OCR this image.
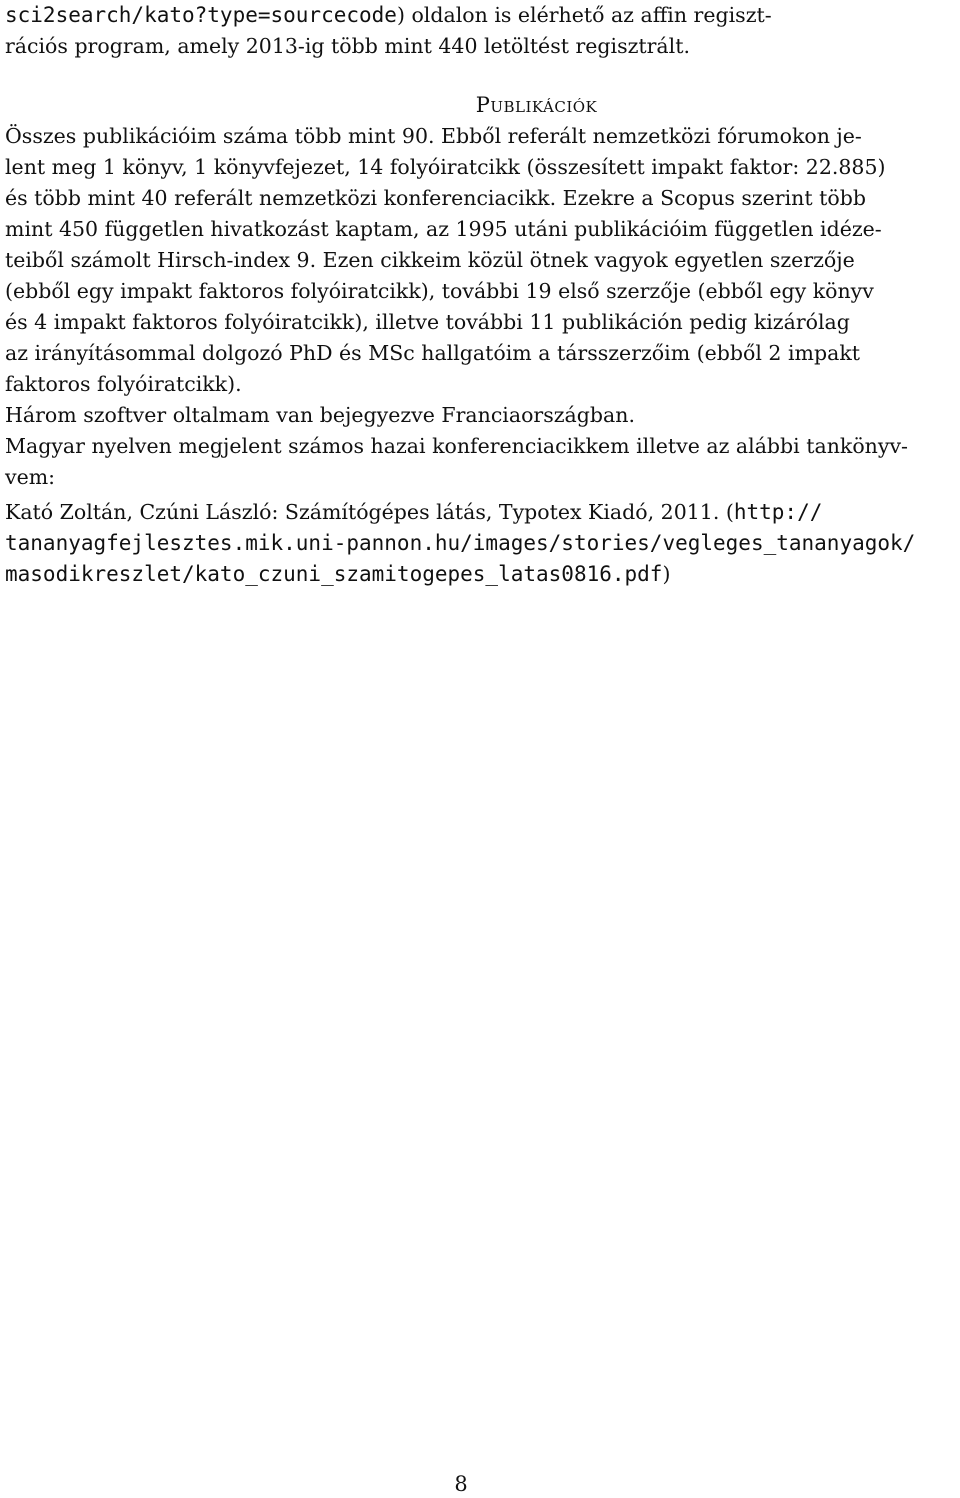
sci2search/kato?type=sourcecode) oldalon is elérhető az affin regiszt-
rációs program, amely 2013-ig több mint 440 letöltést regisztrált.
Publikációk
Összes publikációim száma több mint 90. Ebből referált nemzetközi fórumokon je-
lent meg 1 könyv, 1 könyvfejezet, 14 folyóiratcikk (összesített impakt faktor: 22.885)
és több mint 40 referált nemzetközi konferenciacikk. Ezekre a Scopus szerint több
mint 450 független hivatkozást kaptam, az 1995 utáni publikációim független idéze-
teiből számolt Hirsch-index 9. Ezen cikkeim közül ötnek vagyok egyetlen szerzője
(ebből egy impakt faktoros folyóiratcikk), további 19 első szerzője (ebből egy könyv
és 4 impakt faktoros folyóiratcikk), illetve további 11 publikáción pedig kizárólag
az irányításommal dolgozó PhD és MSc hallgatóim a társszerzőim (ebből 2 impakt
faktoros folyóiratcikk).
Három szoftver oltalmam van bejegyezve Franciaországban.
Magyar nyelven megjelent számos hazai konferenciacikkem illetve az alábbi tankönyv-
vem:
Kató Zoltán, Czúni László: Számítógépes látás, Typotex Kiadó, 2011. (http://
tananyagfejlesztes.mik.uni-pannon.hu/images/stories/vegleges_tananyagok/
masodikreszlet/kato_czuni_szamitogepes_latas0816.pdf)
8
